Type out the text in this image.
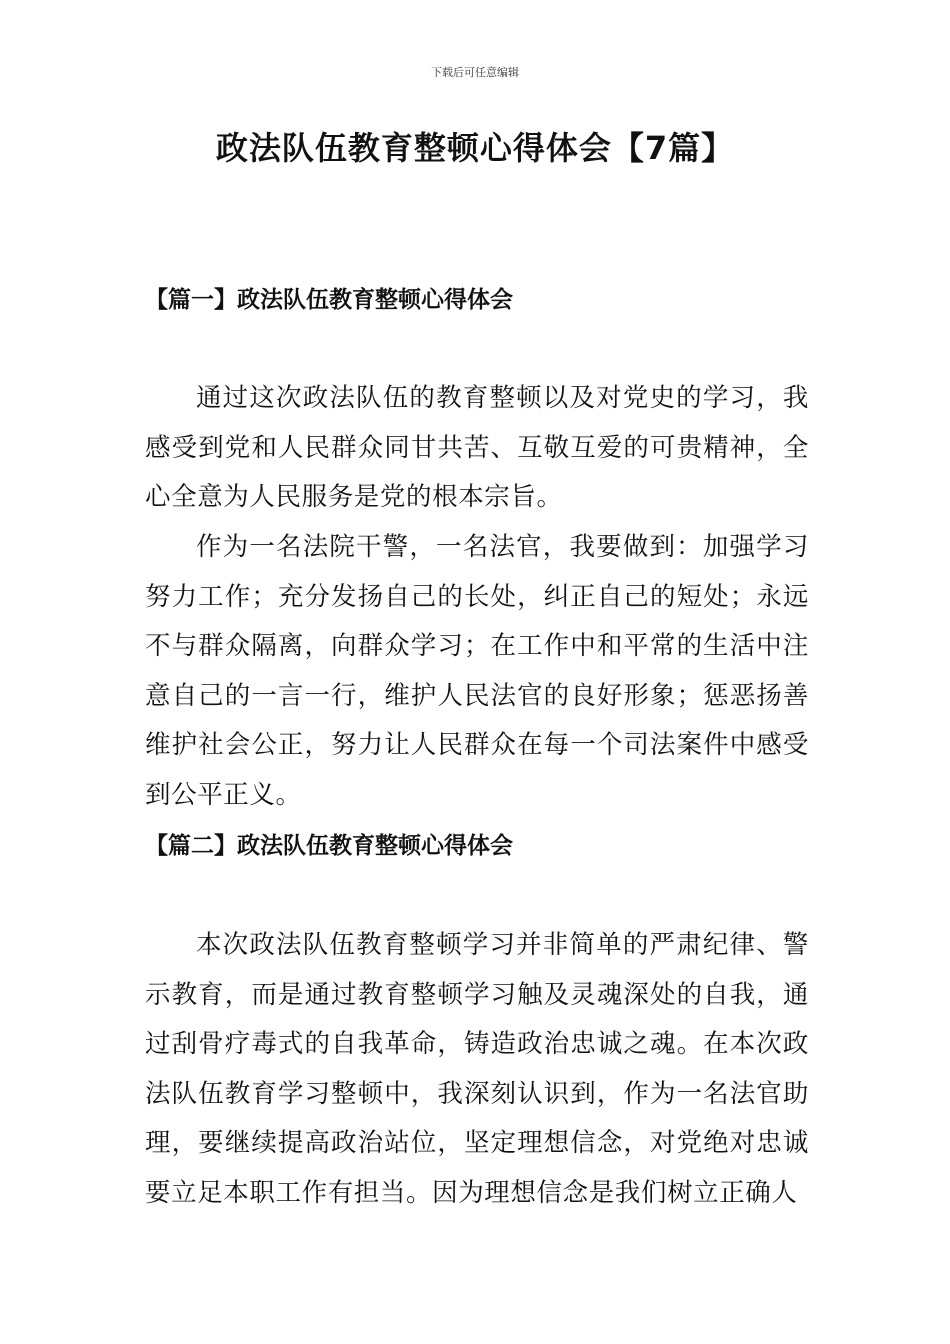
下载后可任意编辑
政法队伍教育整顿心得体会【7篇】
【篇一】政法队伍教育整顿心得体会

通过这次政法队伍的教育整顿以及对党史的学习，我感受到党和人民群众同甘共苦、互敬互爱的可贵精神，全心全意为人民服务是党的根本宗旨。

作为一名法院干警，一名法官，我要做到：加强学习努力工作；充分发扬自己的长处，纠正自己的短处；永远不与群众隔离，向群众学习；在工作中和平常的生活中注意自己的一言一行，维护人民法官的良好形象；惩恶扬善维护社会公正，努力让人民群众在每一个司法案件中感受到公平正义。

【篇二】政法队伍教育整顿心得体会

本次政法队伍教育整顿学习并非简单的严肃纪律、警示教育，而是通过教育整顿学习触及灵魂深处的自我，通过刮骨疗毒式的自我革命，铸造政治忠诚之魂。在本次政法队伍教育学习整顿中，我深刻认识到，作为一名法官助理，要继续提高政治站位，坚定理想信念，对党绝对忠诚要立足本职工作有担当。因为理想信念是我们树立正确人
